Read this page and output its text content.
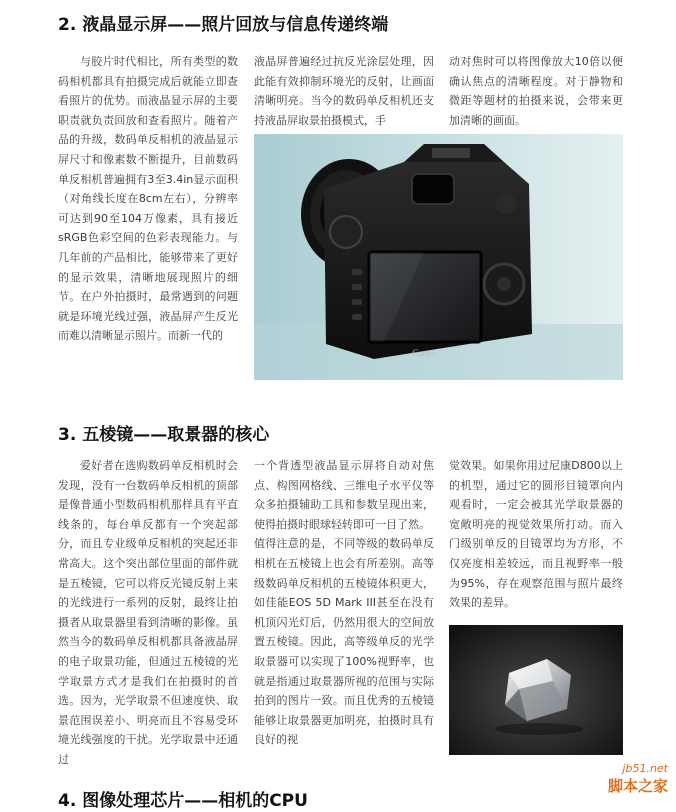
2. 液晶显示屏——照片回放与信息传递终端

与胶片时代相比，所有类型的数码相机都具有拍摄完成后就能立即查看照片的优势。而液晶显示屏的主要职责就负责回放和查看照片。随着产品的升级，数码单反相机的液晶显示屏尺寸和像素数不断提升，目前数码单反相机普遍拥有3至3.4in显示面积（对角线长度在8cm左右），分辨率可达到90至104万像素，具有接近sRGB色彩空间的色彩表现能力。与几年前的产品相比，能够带来了更好的显示效果，清晰地展现照片的细节。在户外拍摄时，最常遇到的问题就是环境光线过强，液晶屏产生反光而难以清晰显示照片。而新一代的

液晶屏普遍经过抗反光涂层处理，因此能有效抑制环境光的反射，让画面清晰明亮。当今的数码单反相机还支持液晶屏取景拍摄模式，手

动对焦时可以将图像放大10倍以便确认焦点的清晰程度。对于静物和微距等题材的拍摄来说，会带来更加清晰的画面。

Canon
3. 五棱镜——取景器的核心

爱好者在选购数码单反相机时会发现，没有一台数码单反相机的顶部是像普通小型数码相机那样具有平直线条的，每台单反都有一个突起部分，而且专业级单反相机的突起还非常高大。这个突出部位里面的部件就是五棱镜，它可以将反光镜反射上来的光线进行一系列的反射，最终让拍摄者从取景器里看到清晰的影像。虽然当今的数码单反相机都具备液晶屏的电子取景功能，但通过五棱镜的光学取景方式才是我们在拍摄时的首选。因为，光学取景不但速度快、取景范围误差小、明亮而且不容易受环境光线强度的干扰。光学取景中还通过

一个背透型液晶显示屏将自动对焦点、构图网格线、三维电子水平仪等众多拍摄辅助工具和参数呈现出来，使得拍摄时眼球轻转即可一目了然。
值得注意的是，不同等级的数码单反相机在五棱镜上也会有所差别。高等级数码单反相机的五棱镜体积更大，如佳能EOS 5D Mark III甚至在没有机顶闪光灯后，仍然用很大的空间放置五棱镜。因此，高等级单反的光学取景器可以实现了100%视野率，也就是指通过取景器所视的范围与实际拍到的图片一致。而且优秀的五棱镜能够让取景器更加明亮，拍摄时具有良好的视

觉效果。如果你用过尼康D800以上的机型，通过它的圆形目镜罩向内观看时，一定会被其光学取景器的宽敞明亮的视觉效果所打动。而入门级别单反的目镜罩均为方形，不仅亮度相差较远，而且视野率一般为95%，存在观察范围与照片最终效果的差异。

4. 图像处理芯片——相机的CPU
jb51.net
脚本之家
